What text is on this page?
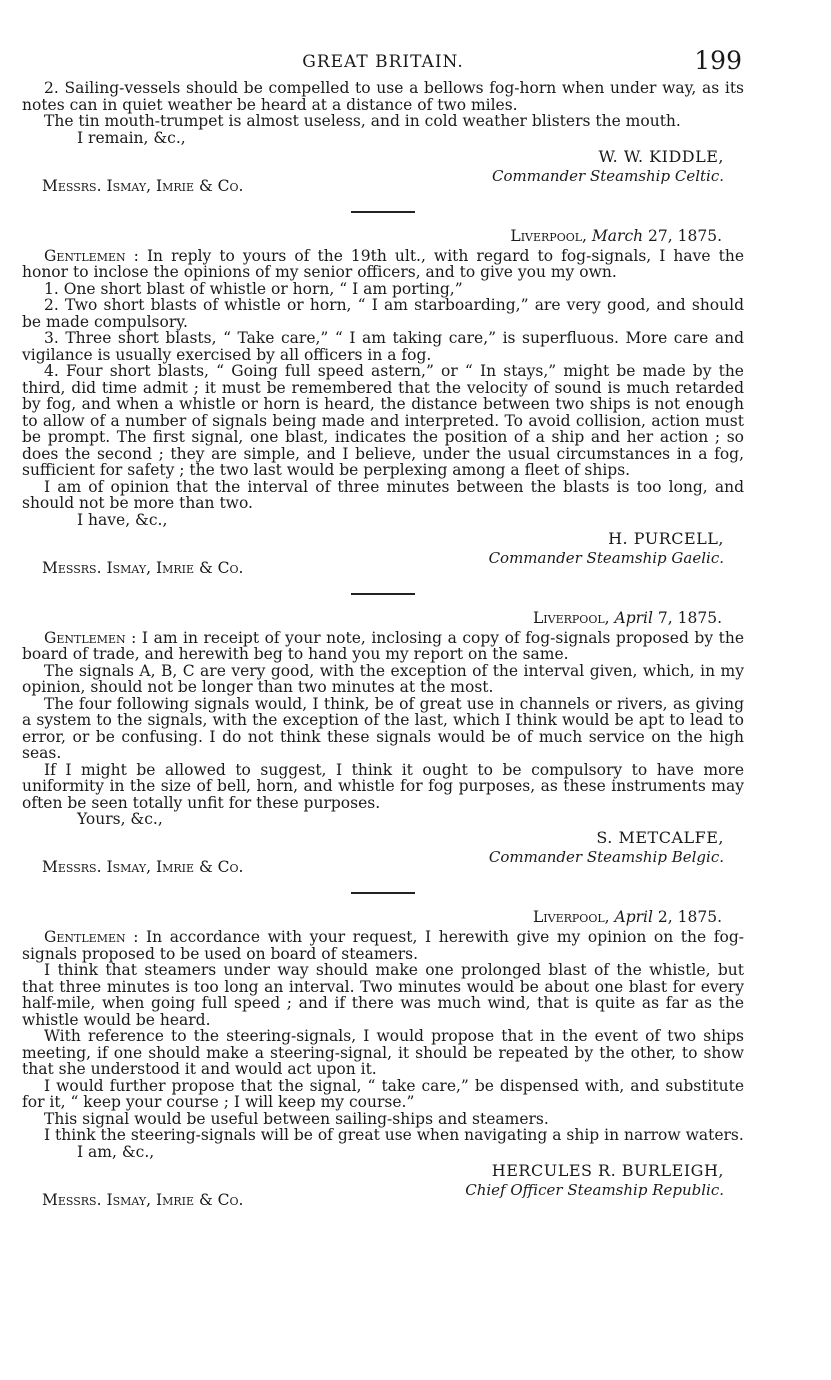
GREAT BRITAIN.	199

2. Sailing-vessels should be compelled to use a bellows fog-horn when under way, as its notes can in quiet weather be heard at a distance of two miles.

The tin mouth-trumpet is almost useless, and in cold weather blisters the mouth.

I remain, &c.,
W. W. KIDDLE,
Commander Steamship Celtic.
Messrs. Ismay, Imrie & Co.
Liverpool, March 27, 1875.

Gentlemen : In reply to yours of the 19th ult., with regard to fog-signals, I have the honor to inclose the opinions of my senior officers, and to give you my own.

1. One short blast of whistle or horn, “ I am porting,”

2. Two short blasts of whistle or horn, “ I am starboarding,” are very good, and should be made compulsory.

3. Three short blasts, “ Take care,” “ I am taking care,” is superfluous. More care and vigilance is usually exercised by all officers in a fog.

4. Four short blasts, “ Going full speed astern,” or “ In stays,” might be made by the third, did time admit ; it must be remembered that the velocity of sound is much retarded by fog, and when a whistle or horn is heard, the distance between two ships is not enough to allow of a number of signals being made and interpreted. To avoid collision, action must be prompt. The first signal, one blast, indicates the position of a ship and her action ; so does the second ; they are simple, and I believe, under the usual circumstances in a fog, sufficient for safety ; the two last would be perplexing among a fleet of ships.

I am of opinion that the interval of three minutes between the blasts is too long, and should not be more than two.

I have, &c.,
H. PURCELL,
Commander Steamship Gaelic.
Messrs. Ismay, Imrie & Co.
Liverpool, April 7, 1875.

Gentlemen : I am in receipt of your note, inclosing a copy of fog-signals proposed by the board of trade, and herewith beg to hand you my report on the same.

The signals A, B, C are very good, with the exception of the interval given, which, in my opinion, should not be longer than two minutes at the most.

The four following signals would, I think, be of great use in channels or rivers, as giving a system to the signals, with the exception of the last, which I think would be apt to lead to error, or be confusing. I do not think these signals would be of much service on the high seas.

If I might be allowed to suggest, I think it ought to be compulsory to have more uniformity in the size of bell, horn, and whistle for fog purposes, as these instruments may often be seen totally unfit for these purposes.

Yours, &c.,
S. METCALFE,
Commander Steamship Belgic.
Messrs. Ismay, Imrie & Co.
Liverpool, April 2, 1875.

Gentlemen : In accordance with your request, I herewith give my opinion on the fog-signals proposed to be used on board of steamers.

I think that steamers under way should make one prolonged blast of the whistle, but that three minutes is too long an interval. Two minutes would be about one blast for every half-mile, when going full speed ; and if there was much wind, that is quite as far as the whistle would be heard.

With reference to the steering-signals, I would propose that in the event of two ships meeting, if one should make a steering-signal, it should be repeated by the other, to show that she understood it and would act upon it.

I would further propose that the signal, “ take care,” be dispensed with, and substitute for it, “ keep your course ; I will keep my course.”

This signal would be useful between sailing-ships and steamers.

I think the steering-signals will be of great use when navigating a ship in narrow waters.

I am, &c.,
HERCULES R. BURLEIGH,
Chief Officer Steamship Republic.
Messrs. Ismay, Imrie & Co.
